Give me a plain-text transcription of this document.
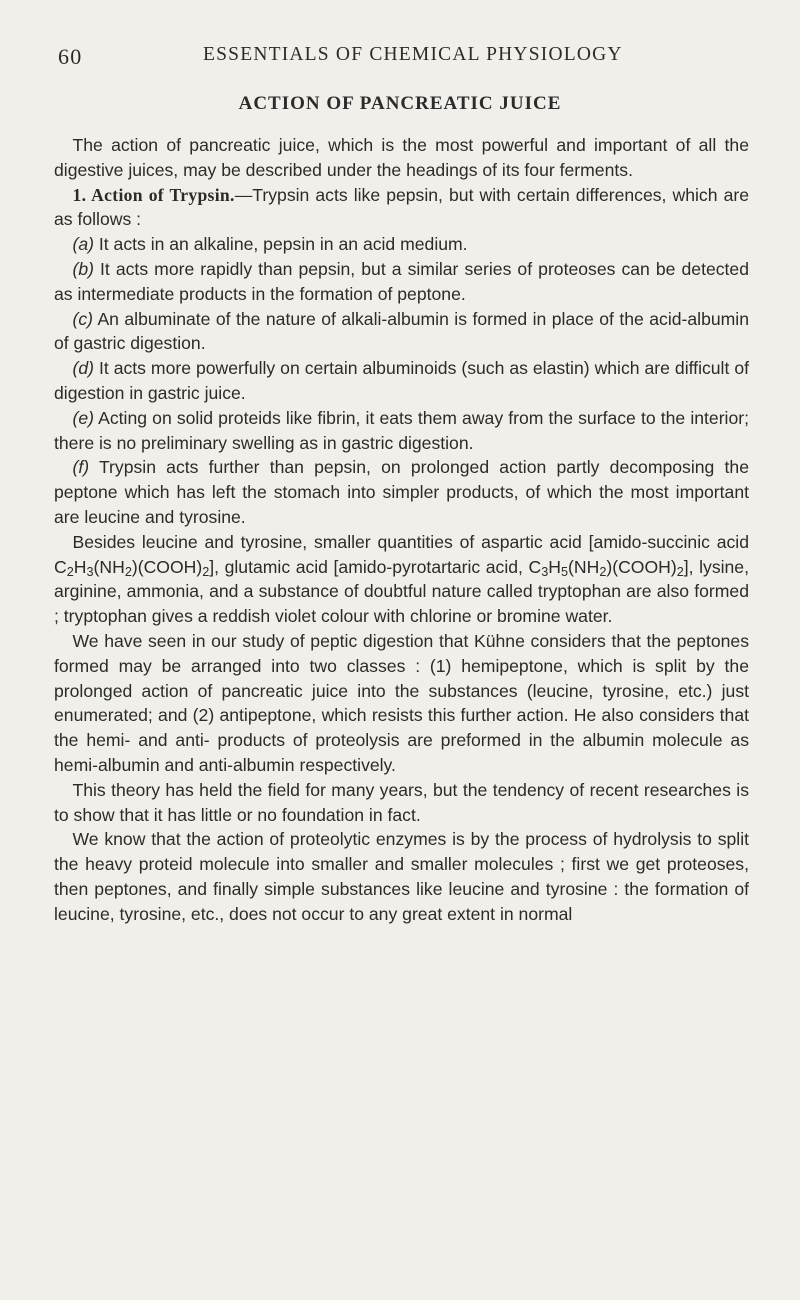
60	ESSENTIALS OF CHEMICAL PHYSIOLOGY
ACTION OF PANCREATIC JUICE

The action of pancreatic juice, which is the most powerful and important of all the digestive juices, may be described under the headings of its four ferments.

1. Action of Trypsin.—Trypsin acts like pepsin, but with certain differences, which are as follows :

(a) It acts in an alkaline, pepsin in an acid medium.

(b) It acts more rapidly than pepsin, but a similar series of proteoses can be detected as intermediate products in the formation of peptone.

(c) An albuminate of the nature of alkali-albumin is formed in place of the acid-albumin of gastric digestion.

(d) It acts more powerfully on certain albuminoids (such as elastin) which are difficult of digestion in gastric juice.

(e) Acting on solid proteids like fibrin, it eats them away from the surface to the interior; there is no preliminary swelling as in gastric digestion.

(f) Trypsin acts further than pepsin, on prolonged action partly decomposing the peptone which has left the stomach into simpler products, of which the most important are leucine and tyrosine.

Besides leucine and tyrosine, smaller quantities of aspartic acid [amido-succinic acid $C_2H_3(NH_2)(COOH)_2$], glutamic acid [amido-pyrotartaric acid, $C_3H_5(NH_2)(COOH)_2$], lysine, arginine, ammonia, and a substance of doubtful nature called tryptophan are also formed ; tryptophan gives a reddish violet colour with chlorine or bromine water.

We have seen in our study of peptic digestion that Kühne considers that the peptones formed may be arranged into two classes : (1) hemipeptone, which is split by the prolonged action of pancreatic juice into the substances (leucine, tyrosine, etc.) just enumerated; and (2) antipeptone, which resists this further action. He also considers that the hemi- and anti- products of proteolysis are preformed in the albumin molecule as hemi-albumin and anti-albumin respectively.

This theory has held the field for many years, but the tendency of recent researches is to show that it has little or no foundation in fact.

We know that the action of proteolytic enzymes is by the process of hydrolysis to split the heavy proteid molecule into smaller and smaller molecules ; first we get proteoses, then peptones, and finally simple substances like leucine and tyrosine : the formation of leucine, tyrosine, etc., does not occur to any great extent in normal
